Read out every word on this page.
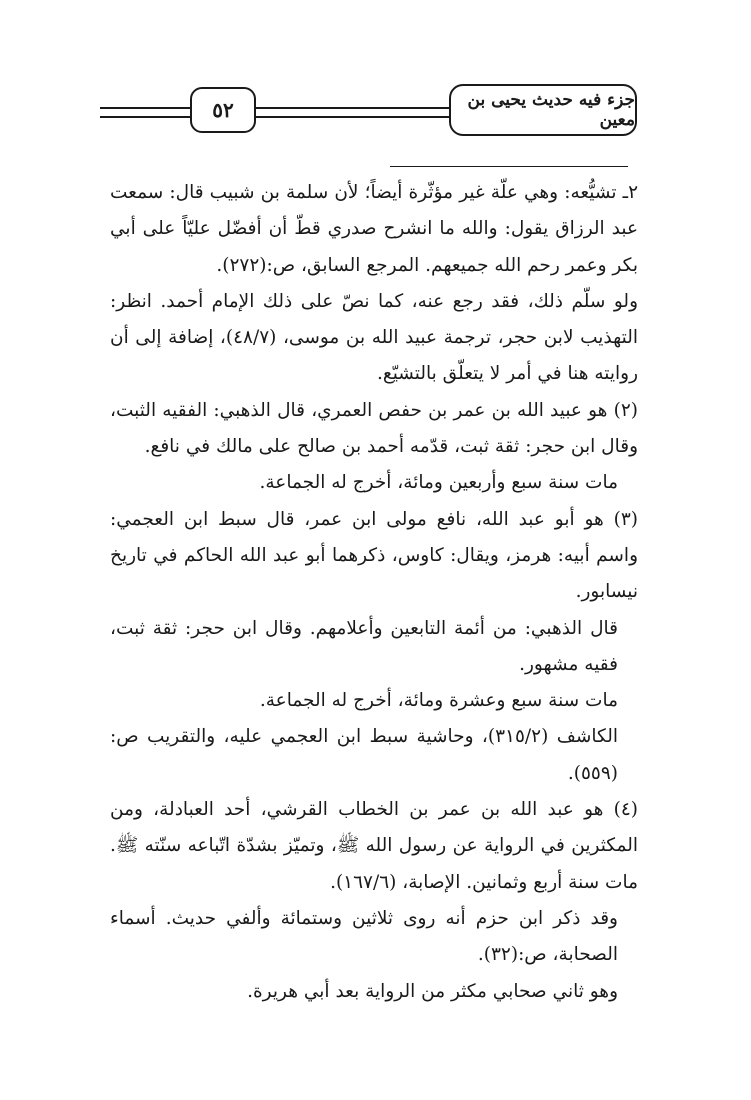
٥٢	جزء فيه حديث يحيى بن معين

٢ـ تشيُّعه: وهي علّة غير مؤثّرة أيضاً؛ لأن سلمة بن شبيب قال: سمعت عبد الرزاق يقول: والله ما انشرح صدري قطّ أن أفضّل عليّاً على أبي بكر وعمر رحم الله جميعهم. المرجع السابق، ص:(٢٧٢).

ولو سلّم ذلك، فقد رجع عنه، كما نصّ على ذلك الإمام أحمد. انظر: التهذيب لابن حجر، ترجمة عبيد الله بن موسى، (٤٨/٧)، إضافة إلى أن روايته هنا في أمر لا يتعلّق بالتشيّع.

(٢) هو عبيد الله بن عمر بن حفص العمري، قال الذهبي: الفقيه الثبت، وقال ابن حجر: ثقة ثبت، قدّمه أحمد بن صالح على مالك في نافع.

مات سنة سبع وأربعين ومائة، أخرج له الجماعة.

(٣) هو أبو عبد الله، نافع مولى ابن عمر، قال سبط ابن العجمي: واسم أبيه: هرمز، ويقال: كاوس، ذكرهما أبو عبد الله الحاكم في تاريخ نيسابور.

قال الذهبي: من أئمة التابعين وأعلامهم. وقال ابن حجر: ثقة ثبت، فقيه مشهور.

مات سنة سبع وعشرة ومائة، أخرج له الجماعة.

الكاشف (٣١٥/٢)، وحاشية سبط ابن العجمي عليه، والتقريب ص: (٥٥٩).

(٤) هو عبد الله بن عمر بن الخطاب القرشي، أحد العبادلة، ومن المكثرين في الرواية عن رسول الله ﷺ، وتميّز بشدّة اتّباعه سنّته ﷺ. مات سنة أربع وثمانين. الإصابة، (١٦٧/٦).

وقد ذكر ابن حزم أنه روى ثلاثين وستمائة وألفي حديث. أسماء الصحابة، ص:(٣٢).

وهو ثاني صحابي مكثر من الرواية بعد أبي هريرة.
